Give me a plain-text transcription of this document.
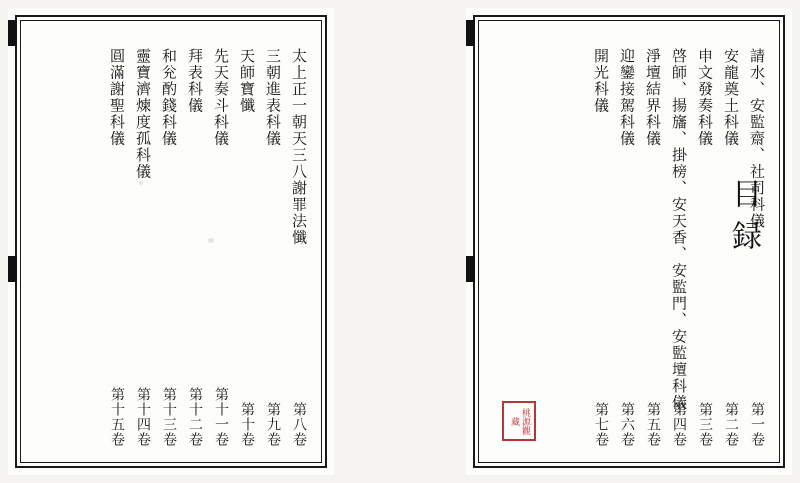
目録
桃源觀藏
請水、安監齋、社司科儀
第一卷
安龍奠土科儀
第二卷
申文發奏科儀
第三卷
啓師、揚旛、掛榜、安天香、安監門、安監壇科儀
第四卷
淨壇結界科儀
第五卷
迎鑾接駕科儀
第六卷
開光科儀
第七卷
太上正一朝天三八謝罪法懺
第八卷
三朝進表科儀
第九卷
天師寶懺
第十卷
先天奏斗科儀
第十一卷
拜表科儀
第十二卷
和兊酌錢科儀
第十三卷
靈寶濟煉度孤科儀
第十四卷
圓滿謝聖科儀
第十五卷
